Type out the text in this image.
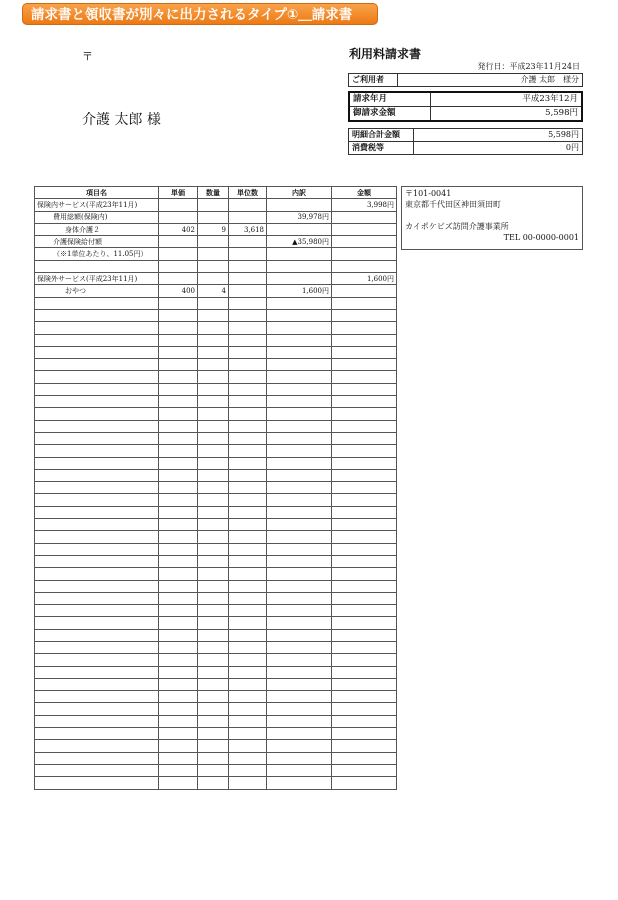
請求書と領収書が別々に出力されるタイプ①＿請求書
〒
介護 太郎 様
利用料請求書
発行日：平成23年11月24日
ご利用者	介護 太郎　様分
請求年月	平成23年12月
御請求金額	5,598円
明細合計金額	5,598円
消費税等	0円
項目名	単価	数量	単位数	内訳	金額
保険内サービス(平成23年11月)					3,998円
費用総額(保険内)				39,978円	
身体介護２	402	9	3,618		
介護保険給付額				▲35,980円	
（※1単位あたり、11.05円）					

保険外サービス(平成23年11月)					1,600円
おやつ	400	4		1,600円	

〒101-0041
東京都千代田区神田須田町
カイポケビズ訪問介護事業所
TEL 00-0000-0001
